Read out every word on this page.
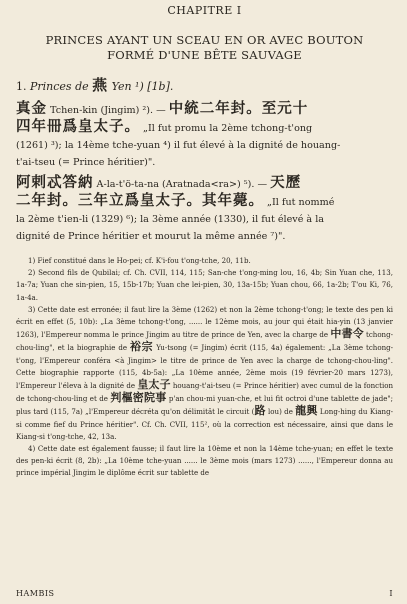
CHAPITRE I
PRINCES AYANT UN SCEAU EN OR AVEC BOUTON
FORMÉ D'UNE BÊTE SAUVAGE
1. Princes de 燕 Yen ¹) [1b].
真金 Tchen-kin (Jingim) ²). — 中統二年封。至元十
四年冊爲皇太子。 „Il fut promu la 2ème tchong-t'ong
(1261) ³); la 14ème tche-yuan ⁴) il fut élevé à la dignité de houang-
t'ai-tseu (= Prince héritier)".
阿剌忒答納 A-la-t'ö-ta-na (Aratnada<ra>) ⁵). — 天歷
二年封。三年立爲皇太子。其年薨。 „Il fut nommé
la 2ème t'ien-li (1329) ⁶); la 3ème année (1330), il fut élevé à la
dignité de Prince héritier et mourut la même année ⁷)".

1) Fief constitué dans le Ho-pei; cf. K'i-fou t'ong-tche, 20, 11b.

2) Second fils de Qubilai; cf. Ch. CVII, 114, 115; San-che t'ong-ming lou, 16, 4b; Sin Yuan che, 113, 1a-7a; Yuan che sin-pien, 15, 15b-17b; Yuan che lei-pien, 30, 13a-15b; Yuan chou, 66, 1a-2b; T'ou Ki, 76, 1a-4a.

3) Cette date est erronée; il faut lire la 3ème (1262) et non la 2ème tchong-t'ong; le texte des pen ki écrit en effet (5, 10b): „La 3ème tchong-t'ong, ...... le 12ème mois, au jour qui était hia-yin (13 janvier 1263), l'Empereur nomma le prince Jingim au titre de prince de Yen, avec la charge de 中書令 tchong-chou-ling", et la biographie de 裕宗 Yu-tsong (= Jingim) écrit (115, 4a) également: „La 3ème tchong-t'ong, l'Empereur conféra <à Jingim> le titre de prince de Yen avec la charge de tchong-chou-ling". Cette biographie rapporte (115, 4b-5a): „La 10ème année, 2ème mois (19 février-20 mars 1273), l'Empereur l'éleva à la dignité de 皇太子 houang-t'ai-tseu (= Prince héritier) avec cumul de la fonction de tchong-chou-ling et de 判樞密院事 p'an chou-mi yuan-che, et lui fit octroi d'une tablette de jade"; plus tard (115, 7a) „l'Empereur décréta qu'on délimitât le circuit (路 lou) de 龍興 Long-hing du Kiang-si comme fief du Prince héritier". Cf. Ch. CVII, 115², où la correction est nécessaire, ainsi que dans le Kiang-si t'ong-tche, 42, 13a.

4) Cette date est également fausse; il faut lire la 10ème et non la 14ème tche-yuan; en effet le texte des pen-ki écrit (8, 2b): „La 10ème tche-yuan ...... le 3ème mois (mars 1273) ......, l'Empereur donna au prince impérial Jingim le diplôme écrit sur tablette de

HAMBIS	I
